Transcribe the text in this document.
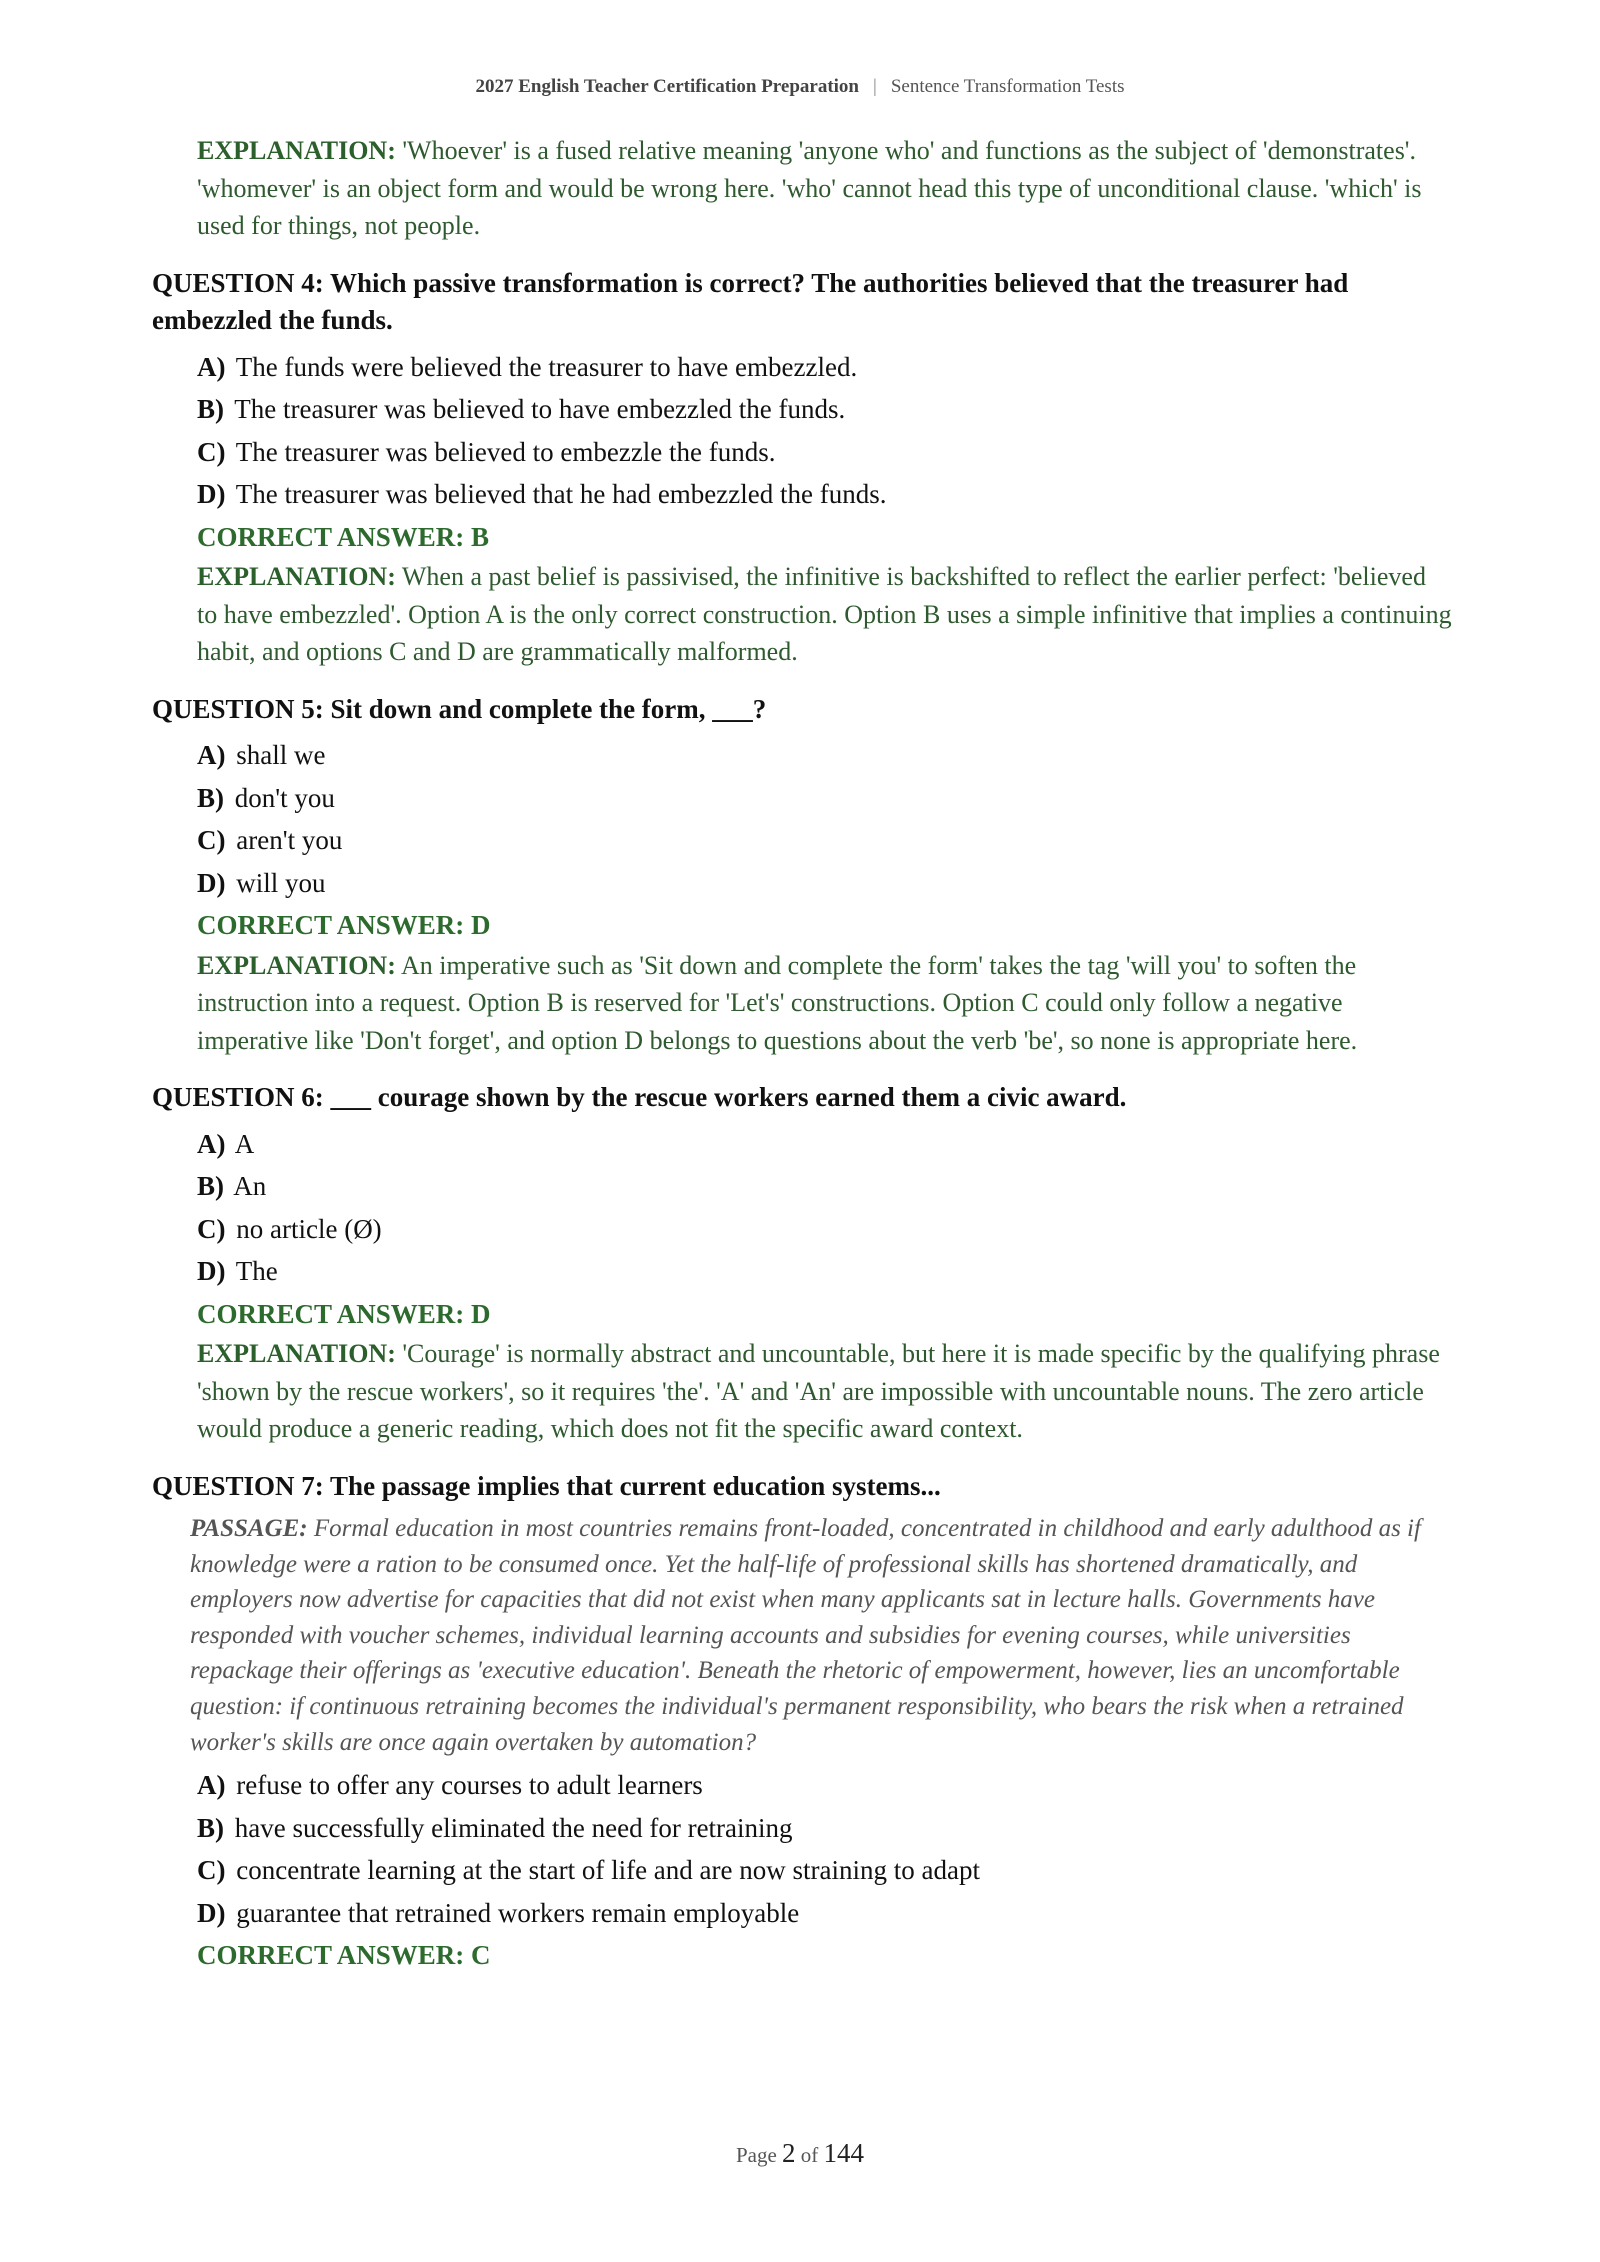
2027 English Teacher Certification Preparation | Sentence Transformation Tests

EXPLANATION: 'Whoever' is a fused relative meaning 'anyone who' and functions as the subject of 'demonstrates'. 'whomever' is an object form and would be wrong here. 'who' cannot head this type of unconditional clause. 'which' is used for things, not people.

QUESTION 4: Which passive transformation is correct? The authorities believed that the treasurer had embezzled the funds.
A) The funds were believed the treasurer to have embezzled.
B) The treasurer was believed to have embezzled the funds.
C) The treasurer was believed to embezzle the funds.
D) The treasurer was believed that he had embezzled the funds.
CORRECT ANSWER: B

EXPLANATION: When a past belief is passivised, the infinitive is backshifted to reflect the earlier perfect: 'believed to have embezzled'. Option A is the only correct construction. Option B uses a simple infinitive that implies a continuing habit, and options C and D are grammatically malformed.

QUESTION 5: Sit down and complete the form, ___?
A) shall we
B) don't you
C) aren't you
D) will you
CORRECT ANSWER: D

EXPLANATION: An imperative such as 'Sit down and complete the form' takes the tag 'will you' to soften the instruction into a request. Option B is reserved for 'Let's' constructions. Option C could only follow a negative imperative like 'Don't forget', and option D belongs to questions about the verb 'be', so none is appropriate here.

QUESTION 6: ___ courage shown by the rescue workers earned them a civic award.
A) A
B) An
C) no article (Ø)
D) The
CORRECT ANSWER: D

EXPLANATION: 'Courage' is normally abstract and uncountable, but here it is made specific by the qualifying phrase 'shown by the rescue workers', so it requires 'the'. 'A' and 'An' are impossible with uncountable nouns. The zero article would produce a generic reading, which does not fit the specific award context.

QUESTION 7: The passage implies that current education systems...

PASSAGE: Formal education in most countries remains front-loaded, concentrated in childhood and early adulthood as if knowledge were a ration to be consumed once. Yet the half-life of professional skills has shortened dramatically, and employers now advertise for capacities that did not exist when many applicants sat in lecture halls. Governments have responded with voucher schemes, individual learning accounts and subsidies for evening courses, while universities repackage their offerings as 'executive education'. Beneath the rhetoric of empowerment, however, lies an uncomfortable question: if continuous retraining becomes the individual's permanent responsibility, who bears the risk when a retrained worker's skills are once again overtaken by automation?

A) refuse to offer any courses to adult learners
B) have successfully eliminated the need for retraining
C) concentrate learning at the start of life and are now straining to adapt
D) guarantee that retrained workers remain employable
CORRECT ANSWER: C
Page 2 of 144
